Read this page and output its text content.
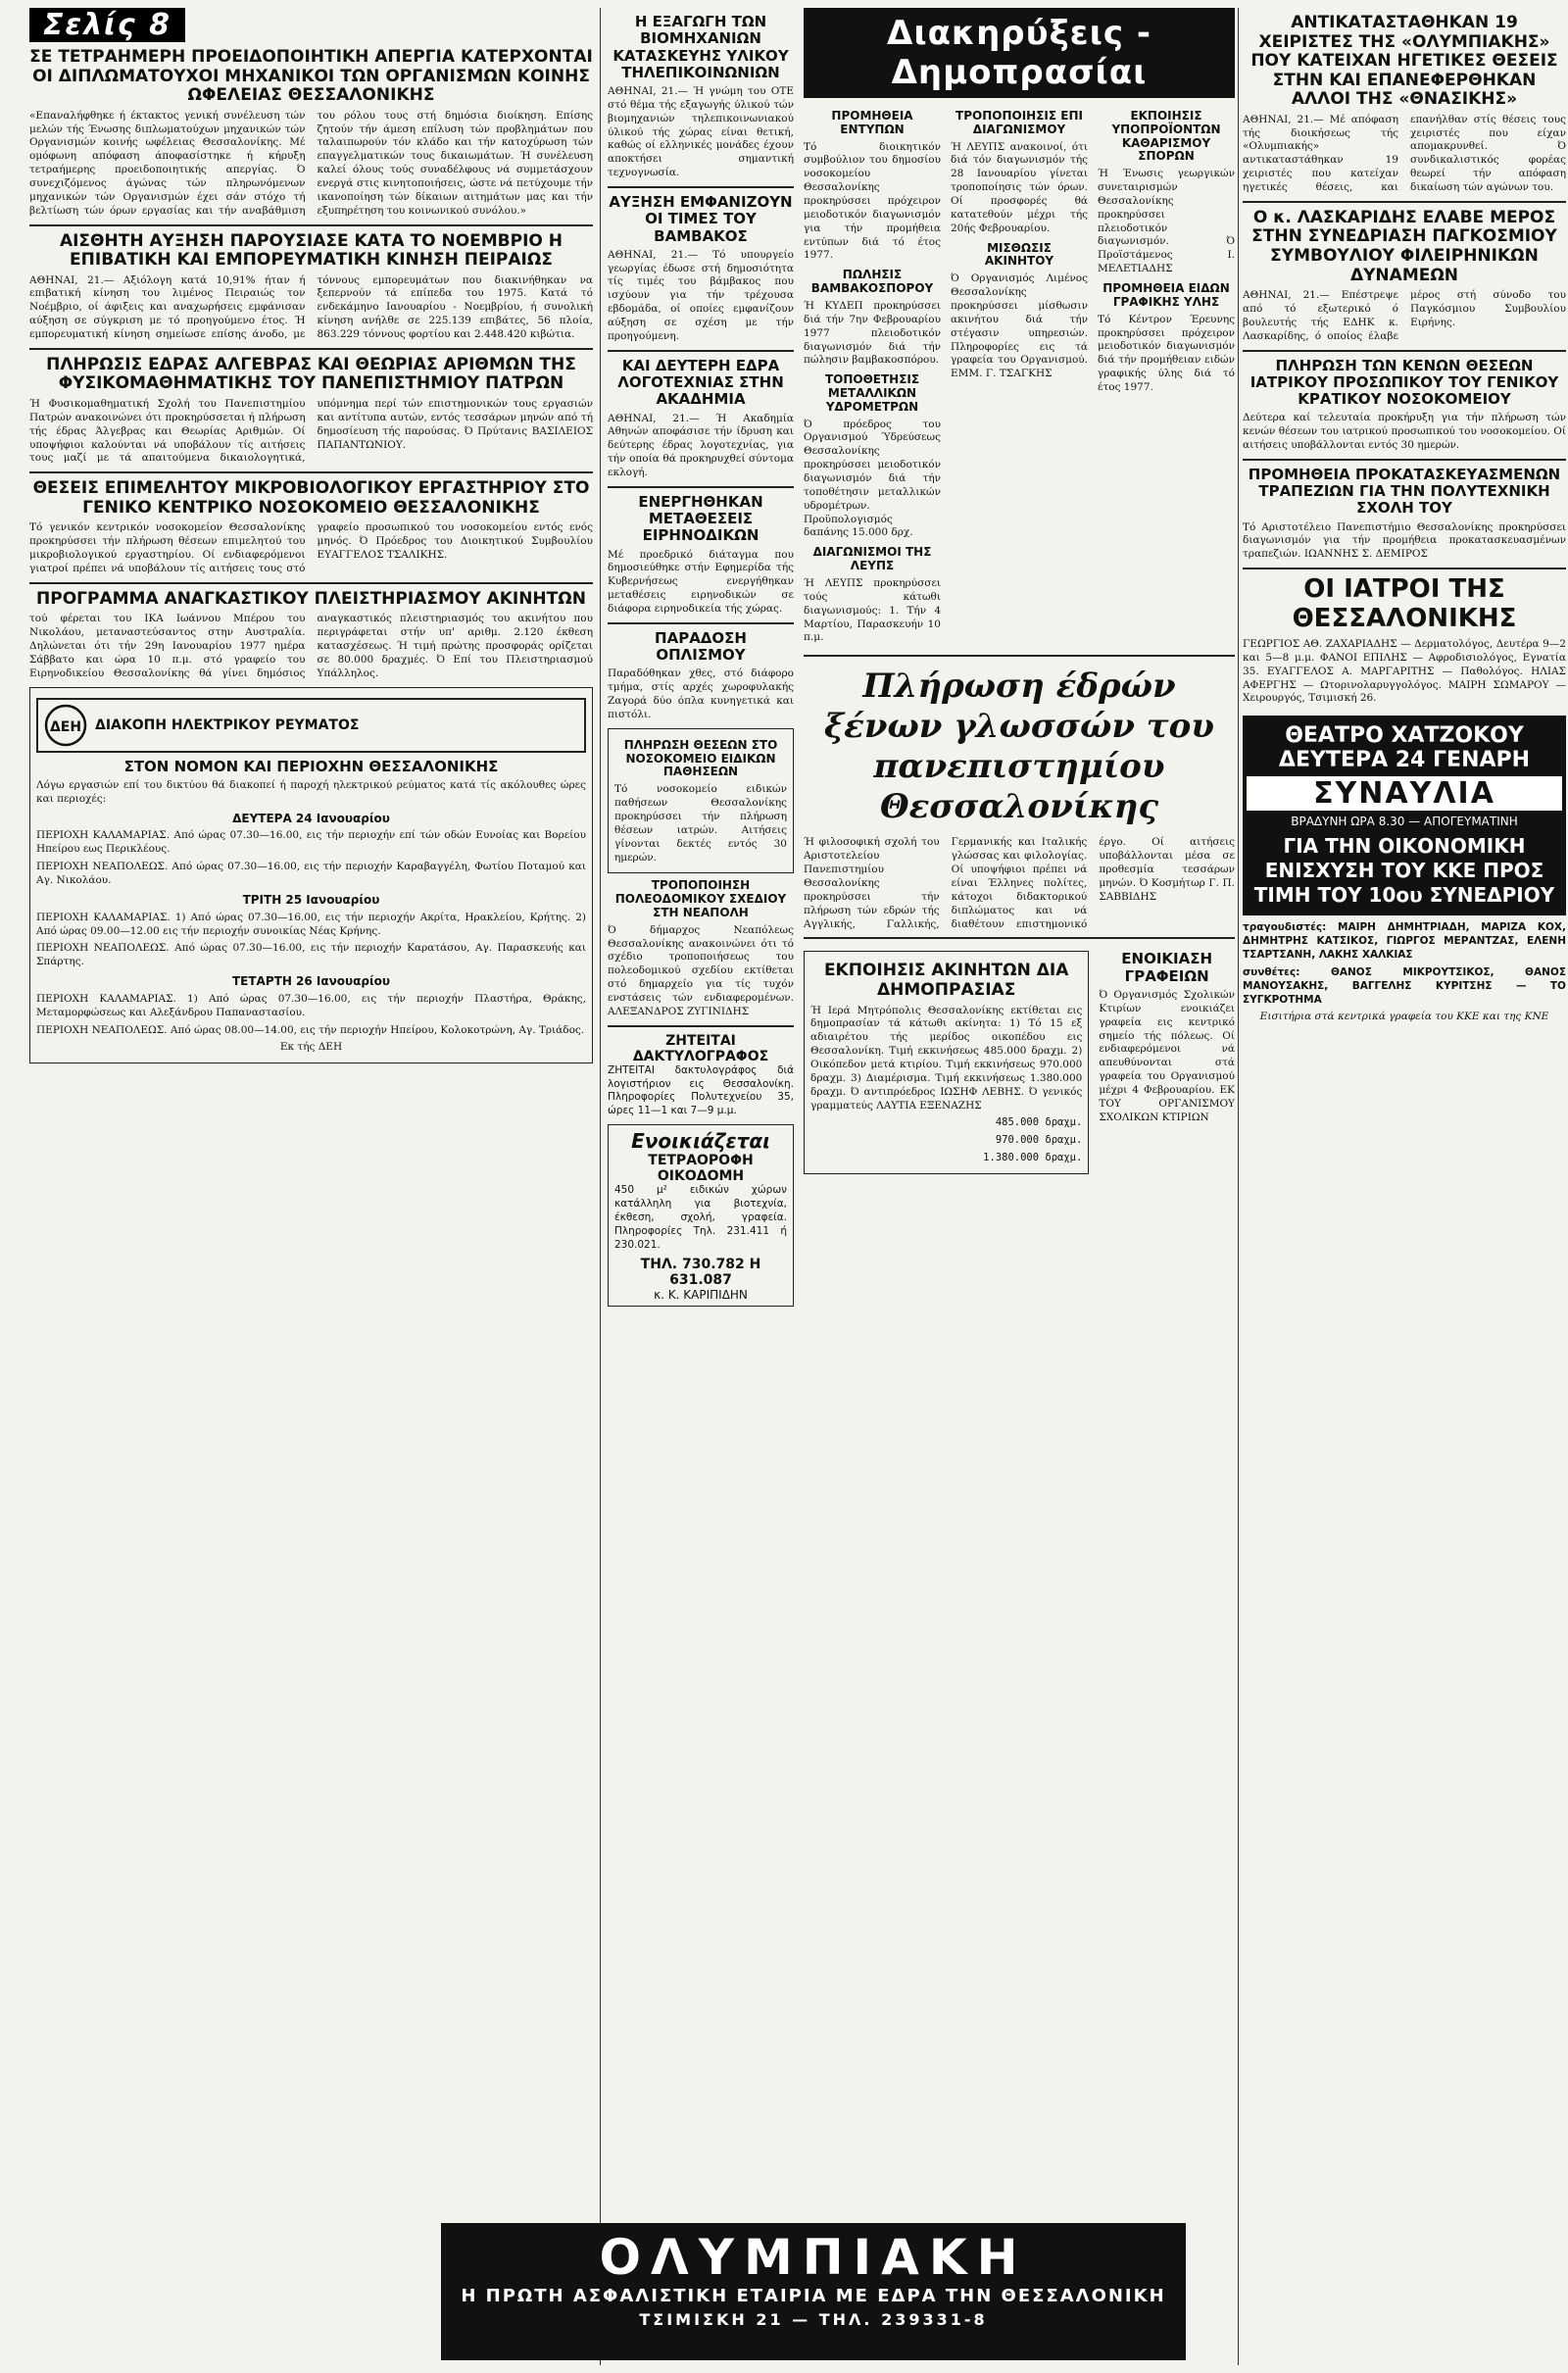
Σελίς 8
ΣΕ ΤΕΤΡΑΗΜΕΡΗ ΠΡΟΕΙΔΟΠΟΙΗΤΙΚΗ ΑΠΕΡΓΙΑ ΚΑΤΕΡΧΟΝΤΑΙ ΟΙ ΔΙΠΛΩΜΑΤΟΥΧΟΙ ΜΗΧΑΝΙΚΟΙ ΤΩΝ ΟΡΓΑΝΙΣΜΩΝ ΚΟΙΝΗΣ ΩΦΕΛΕΙΑΣ ΘΕΣΣΑΛΟΝΙΚΗΣ
«Επαναλήφθηκε ή έκτακτος γενική συνέλευση τών μελών τής Ένωσης διπλωματούχων μηχανικών τών Οργανισμών κοινής ωφέλειας Θεσσαλονίκης. Μέ ομόφωνη απόφαση άποφασίστηκε ή κήρυξη τετραήμερης προειδοποιητικής απεργίας. Ό συνεχιζόμενος άγώνας τών πληρωνόμενων μηχανικών τών Οργανισμών έχει σάν στόχο τή βελτίωση τών όρων εργασίας και τήν αναβάθμιση του ρόλου τους στή δημόσια διοίκηση. Επίσης ζητούν τήν άμεση επίλυση τών προβλημάτων που ταλαιπωρούν τόν κλάδο και τήν κατοχύρωση τών επαγγελματικών τους δικαιωμάτων. Ή συνέλευση καλεί όλους τούς συναδέλφους νά συμμετάσχουν ενεργά στις κινητοποιήσεις, ώστε νά πετύχουμε τήν ικανοποίηση τών δίκαιων αιτημάτων μας και τήν εξυπηρέτηση του κοινωνικού συνόλου.»
ΑΙΣΘΗΤΗ ΑΥΞΗΣΗ ΠΑΡΟΥΣΙΑΣΕ ΚΑΤΑ ΤΟ ΝΟΕΜΒΡΙΟ Η ΕΠΙΒΑΤΙΚΗ ΚΑΙ ΕΜΠΟΡΕΥΜΑΤΙΚΗ ΚΙΝΗΣΗ ΠΕΙΡΑΙΩΣ
ΑΘΗΝΑΙ, 21.— Αξιόλογη κατά 10,91% ήταν ή επιβατική κίνηση του λιμένος Πειραιώς τον Νοέμβριο, οί άφιξεις και αναχωρήσεις εμφάνισαν αύξηση σε σύγκριση με τό προηγούμενο έτος. Ή εμπορευματική κίνηση σημείωσε επίσης άνοδο, με τόννους εμπορευμάτων που διακινήθηκαν να ξεπερνούν τά επίπεδα του 1975. Κατά τό ενδεκάμηνο Ιανουαρίου - Νοεμβρίου, ή συνολική κίνηση ανήλθε σε 225.139 επιβάτες, 56 πλοία, 863.229 τόννους φορτίου και 2.448.420 κιβώτια.
ΠΛΗΡΩΣΙΣ ΕΔΡΑΣ ΑΛΓΕΒΡΑΣ ΚΑΙ ΘΕΩΡΙΑΣ ΑΡΙΘΜΩΝ ΤΗΣ ΦΥΣΙΚΟΜΑΘΗΜΑΤΙΚΗΣ ΤΟΥ ΠΑΝΕΠΙΣΤΗΜΙΟΥ ΠΑΤΡΩΝ
Ή Φυσικομαθηματική Σχολή του Πανεπιστημίου Πατρών ανακοινώνει ότι προκηρύσσεται ή πλήρωση τής έδρας Άλγεβρας και Θεωρίας Αριθμών. Οί υποψήφιοι καλούνται νά υποβάλουν τίς αιτήσεις τους μαζί με τά απαιτούμενα δικαιολογητικά, υπόμνημα περί τών επιστημονικών τους εργασιών και αντίτυπα αυτών, εντός τεσσάρων μηνών από τή δημοσίευση τής παρούσας. Ό Πρύτανις ΒΑΣΙΛΕΙΟΣ ΠΑΠΑΝΤΩΝΙΟΥ.
ΘΕΣΕΙΣ ΕΠΙΜΕΛΗΤΟΥ ΜΙΚΡΟΒΙΟΛΟΓΙΚΟΥ ΕΡΓΑΣΤΗΡΙΟΥ ΣΤΟ ΓΕΝΙΚΟ ΚΕΝΤΡΙΚΟ ΝΟΣΟΚΟΜΕΙΟ ΘΕΣΣΑΛΟΝΙΚΗΣ
Τό γενικόν κεντρικόν νοσοκομείον Θεσσαλονίκης προκηρύσσει τήν πλήρωση θέσεων επιμελητού του μικροβιολογικού εργαστηρίου. Οί ενδιαφερόμενοι γιατροί πρέπει νά υποβάλουν τίς αιτήσεις τους στό γραφείο προσωπικού του νοσοκομείου εντός ενός μηνός. Ό Πρόεδρος του Διοικητικού Συμβουλίου ΕΥΑΓΓΕΛΟΣ ΤΣΑΛΙΚΗΣ.
ΠΡΟΓΡΑΜΜΑ ΑΝΑΓΚΑΣΤΙΚΟΥ ΠΛΕΙΣΤΗΡΙΑΣΜΟΥ ΑΚΙΝΗΤΩΝ
τού φέρεται του ΙΚΑ Ιωάννου Μπέρου του Νικολάου, μεταναστεύσαντος στην Αυστραλία. Δηλώνεται ότι τήν 29η Ιανουαρίου 1977 ημέρα Σάββατο και ώρα 10 π.μ. στό γραφείο του Ειρηνοδικείου Θεσσαλονίκης θά γίνει δημόσιος αναγκαστικός πλειστηριασμός του ακινήτου που περιγράφεται στήν υπ' αριθμ. 2.120 έκθεση κατασχέσεως. Ή τιμή πρώτης προσφοράς ορίζεται σε 80.000 δραχμές. Ό Επί του Πλειστηριασμού Υπάλληλος.
ΔΕΗ ΔΙΑΚΟΠΗ ΗΛΕΚΤΡΙΚΟΥ ΡΕΥΜΑΤΟΣ
ΣΤΟΝ ΝΟΜΟΝ ΚΑΙ ΠΕΡΙΟΧΗΝ ΘΕΣΣΑΛΟΝΙΚΗΣ
Λόγω εργασιών επί του δικτύου θά διακοπεί ή παροχή ηλεκτρικού ρεύματος κατά τίς ακόλουθες ώρες και περιοχές:
ΔΕΥΤΕΡΑ 24 Ιανουαρίου
ΠΕΡΙΟΧΗ ΚΑΛΑΜΑΡΙΑΣ. Από ώρας 07.30—16.00, εις τήν περιοχήν επί τών οδών Ευνοίας και Βορείου Ηπείρου εως Περικλέους.
ΠΕΡΙΟΧΗ ΝΕΑΠΟΛΕΩΣ. Από ώρας 07.30—16.00, εις τήν περιοχήν Καραβαγγέλη, Φωτίου Ποταμού και Αγ. Νικολάου.
ΤΡΙΤΗ 25 Ιανουαρίου
ΠΕΡΙΟΧΗ ΚΑΛΑΜΑΡΙΑΣ. 1) Από ώρας 07.30—16.00, εις τήν περιοχήν Ακρίτα, Ηρακλείου, Κρήτης. 2) Από ώρας 09.00—12.00 εις τήν περιοχήν συνοικίας Νέας Κρήνης.
ΠΕΡΙΟΧΗ ΝΕΑΠΟΛΕΩΣ. Από ώρας 07.30—16.00, εις τήν περιοχήν Καρατάσου, Αγ. Παρασκευής και Σπάρτης.
ΤΕΤΑΡΤΗ 26 Ιανουαρίου
ΠΕΡΙΟΧΗ ΚΑΛΑΜΑΡΙΑΣ. 1) Από ώρας 07.30—16.00, εις τήν περιοχήν Πλαστήρα, Θράκης, Μεταμορφώσεως και Αλεξάνδρου Παπαναστασίου.
ΠΕΡΙΟΧΗ ΝΕΑΠΟΛΕΩΣ. Από ώρας 08.00—14.00, εις τήν περιοχήν Ηπείρου, Κολοκοτρώνη, Αγ. Τριάδος.
Εκ τής ΔΕΗ
Η ΕΞΑΓΩΓΗ ΤΩΝ ΒΙΟΜΗΧΑΝΙΩΝ ΚΑΤΑΣΚΕΥΗΣ ΥΛΙΚΟΥ ΤΗΛΕΠΙΚΟΙΝΩΝΙΩΝ
ΑΘΗΝΑΙ, 21.— Ή γνώμη του ΟΤΕ στό θέμα τής εξαγωγής ύλικού τών βιομηχανιών τηλεπικοινωνιακού ύλικού τής χώρας είναι θετική, καθώς οί ελληνικές μονάδες έχουν αποκτήσει σημαντική τεχνογνωσία.
ΑΥΞΗΣΗ ΕΜΦΑΝΙΖΟΥΝ ΟΙ ΤΙΜΕΣ ΤΟΥ ΒΑΜΒΑΚΟΣ
ΑΘΗΝΑΙ, 21.— Τό υπουργείο γεωργίας έδωσε στή δημοσιότητα τίς τιμές του βάμβακος που ισχύουν για τήν τρέχουσα εβδομάδα, οί οποίες εμφανίζουν αύξηση σε σχέση με τήν προηγούμενη.
ΚΑΙ ΔΕΥΤΕΡΗ ΕΔΡΑ ΛΟΓΟΤΕΧΝΙΑΣ ΣΤΗΝ ΑΚΑΔΗΜΙΑ
ΑΘΗΝΑΙ, 21.— Ή Ακαδημία Αθηνών αποφάσισε τήν ίδρυση και δεύτερης έδρας λογοτεχνίας, για τήν οποία θά προκηρυχθεί σύντομα εκλογή.
ΕΝΕΡΓΗΘΗΚΑΝ ΜΕΤΑΘΕΣΕΙΣ ΕΙΡΗΝΟΔΙΚΩΝ
Μέ προεδρικό διάταγμα που δημοσιεύθηκε στήν Εφημερίδα τής Κυβερνήσεως ενεργήθηκαν μεταθέσεις ειρηνοδικών σε διάφορα ειρηνοδικεία τής χώρας.
ΠΑΡΑΔΟΣΗ ΟΠΛΙΣΜΟΥ
Παραδόθηκαν χθες, στό διάφορο τμήμα, στίς αρχές χωροφυλακής Ζαγορά δύο όπλα κυνηγετικά και πιστόλι.
ΠΛΗΡΩΣΗ ΘΕΣΕΩΝ ΣΤΟ ΝΟΣΟΚΟΜΕΙΟ ΕΙΔΙΚΩΝ ΠΑΘΗΣΕΩΝ
Τό νοσοκομείο ειδικών παθήσεων Θεσσαλονίκης προκηρύσσει τήν πλήρωση θέσεων ιατρών. Αιτήσεις γίνονται δεκτές εντός 30 ημερών.
ΤΡΟΠΟΠΟΙΗΣΗ ΠΟΛΕΟΔΟΜΙΚΟΥ ΣΧΕΔΙΟΥ ΣΤΗ ΝΕΑΠΟΛΗ
Ό δήμαρχος Νεαπόλεως Θεσσαλονίκης ανακοινώνει ότι τό σχέδιο τροποποιήσεως του πολεοδομικού σχεδίου εκτίθεται στό δημαρχείο για τίς τυχόν ενστάσεις τών ενδιαφερομένων. ΑΛΕΞΑΝΔΡΟΣ ΖΥΓΙΝΙΔΗΣ
ΖΗΤΕΙΤΑΙ ΔΑΚΤΥΛΟΓΡΑΦΟΣ
ΖΗΤΕΙΤΑΙ δακτυλογράφος διά λογιστήριον εις Θεσσαλονίκη. Πληροφορίες Πολυτεχνείου 35, ώρες 11—1 και 7—9 μ.μ.
Ενοικιάζεται
ΤΕΤΡΑΟΡΟΦΗ ΟΙΚΟΔΟΜΗ
450 μ² ειδικών χώρων κατάλληλη για βιοτεχνία, έκθεση, σχολή, γραφεία. Πληροφορίες Τηλ. 231.411 ή 230.021.
ΤΗΛ. 730.782 Η 631.087
κ. Κ. ΚΑΡΙΠΙΔΗΝ
Διακηρύξεις - Δημοπρασίαι
ΠΡΟΜΗΘΕΙΑ ΕΝΤΥΠΩΝ
Τό διοικητικόν συμβούλιον του δημοσίου νοσοκομείου Θεσσαλονίκης προκηρύσσει πρόχειρον μειοδοτικόν διαγωνισμόν για τήν προμήθεια εντύπων διά τό έτος 1977.
ΠΩΛΗΣΙΣ ΒΑΜΒΑΚΟΣΠΟΡΟΥ
Ή ΚΥΔΕΠ προκηρύσσει διά τήν 7ην Φεβρουαρίου 1977 πλειοδοτικόν διαγωνισμόν διά τήν πώλησιν βαμβακοσπόρου.
ΤΟΠΟΘΕΤΗΣΙΣ ΜΕΤΑΛΛΙΚΩΝ ΥΔΡΟΜΕΤΡΩΝ
Ό πρόεδρος του Οργανισμού Ύδρεύσεως Θεσσαλονίκης προκηρύσσει μειοδοτικόν διαγωνισμόν διά τήν τοποθέτησιν μεταλλικών υδρομέτρων. Προϋπολογισμός δαπάνης 15.000 δρχ.
ΔΙΑΓΩΝΙΣΜΟΙ ΤΗΣ ΛΕΥΠΣ
Ή ΛΕΥΠΣ προκηρύσσει τούς κάτωθι διαγωνισμούς: 1. Τήν 4 Μαρτίου, Παρασκευήν 10 π.μ.
ΤΡΟΠΟΠΟΙΗΣΙΣ ΕΠΙ ΔΙΑΓΩΝΙΣΜΟΥ
Ή ΛΕΥΠΣ ανακοινοί, ότι διά τόν διαγωνισμόν τής 28 Ιανουαρίου γίνεται τροποποίησις τών όρων. Οί προσφορές θά κατατεθούν μέχρι τής 20ής Φεβρουαρίου.
ΜΙΣΘΩΣΙΣ ΑΚΙΝΗΤΟΥ
Ό Οργανισμός Λιμένος Θεσσαλονίκης προκηρύσσει μίσθωσιν ακινήτου διά τήν στέγασιν υπηρεσιών. Πληροφορίες εις τά γραφεία του Οργανισμού. ΕΜΜ. Γ. ΤΣΑΓΚΗΣ
ΕΚΠΟΙΗΣΙΣ ΥΠΟΠΡΟΪΟΝΤΩΝ ΚΑΘΑΡΙΣΜΟΥ ΣΠΟΡΩΝ
Ή Ένωσις γεωργικών συνεταιρισμών Θεσσαλονίκης προκηρύσσει πλειοδοτικόν διαγωνισμόν. Ό Προϊστάμενος Ι. ΜΕΛΕΤΙΑΔΗΣ
ΠΡΟΜΗΘΕΙΑ ΕΙΔΩΝ ΓΡΑΦΙΚΗΣ ΥΛΗΣ
Τό Κέντρον Έρευνης προκηρύσσει πρόχειρον μειοδοτικόν διαγωνισμόν διά τήν προμήθειαν ειδών γραφικής ύλης διά τό έτος 1977.
Πλήρωση έδρών ξένων γλωσσών του πανεπιστημίου Θεσσαλονίκης
Ή φιλοσοφική σχολή του Αριστοτελείου Πανεπιστημίου Θεσσαλονίκης προκηρύσσει τήν πλήρωση τών εδρών τής Αγγλικής, Γαλλικής, Γερμανικής και Ιταλικής γλώσσας και φιλολογίας. Οί υποψήφιοι πρέπει νά είναι Έλληνες πολίτες, κάτοχοι διδακτορικού διπλώματος και νά διαθέτουν επιστημονικό έργο. Οί αιτήσεις υποβάλλονται μέσα σε προθεσμία τεσσάρων μηνών. Ό Κοσμήτωρ Γ. Π. ΣΑΒΒΙΔΗΣ
ΕΚΠΟΙΗΣΙΣ ΑΚΙΝΗΤΩΝ ΔΙΑ ΔΗΜΟΠΡΑΣΙΑΣ
Ή Ιερά Μητρόπολις Θεσσαλονίκης εκτίθεται εις δημοπρασίαν τά κάτωθι ακίνητα: 1) Τό 15 εξ αδιαιρέτου τής μερίδος οικοπέδου εις Θεσσαλονίκη. Τιμή εκκινήσεως 485.000 δραχμ. 2) Οικόπεδον μετά κτιρίου. Τιμή εκκινήσεως 970.000 δραχμ. 3) Διαμέρισμα. Τιμή εκκινήσεως 1.380.000 δραχμ. Ό αντιπρόεδρος ΙΩΣΗΦ ΛΕΒΗΣ. Ό γενικός γραμματεύς ΛΑΥΤΙΑ ΕΞΕΝΑΖΗΣ
485.000 δραχμ.
970.000 δραχμ.
1.380.000 δραχμ.
ΕΝΟΙΚΙΑΣΗ ΓΡΑΦΕΙΩΝ
Ό Οργανισμός Σχολικών Κτιρίων ενοικιάζει γραφεία εις κεντρικό σημείο τής πόλεως. Οί ενδιαφερόμενοι νά απευθύνονται στά γραφεία του Οργανισμού μέχρι 4 Φεβρουαρίου. ΕΚ ΤΟΥ ΟΡΓΑΝΙΣΜΟΥ ΣΧΟΛΙΚΩΝ ΚΤΙΡΙΩΝ
ΑΝΤΙΚΑΤΑΣΤΑΘΗΚΑΝ 19 ΧΕΙΡΙΣΤΕΣ ΤΗΣ «ΟΛΥΜΠΙΑΚΗΣ» ΠΟΥ ΚΑΤΕΙΧΑΝ ΗΓΕΤΙΚΕΣ ΘΕΣΕΙΣ ΣΤΗΝ ΚΑΙ ΕΠΑΝΕΦΕΡΘΗΚΑΝ ΑΛΛΟΙ ΤΗΣ «ΘΝΑΣΙΚΗΣ»
ΑΘΗΝΑΙ, 21.— Μέ απόφαση τής διοικήσεως τής «Ολυμπιακής» αντικαταστάθηκαν 19 χειριστές που κατείχαν ηγετικές θέσεις, και επανήλθαν στίς θέσεις τους χειριστές που είχαν απομακρυνθεί. Ό συνδικαλιστικός φορέας θεωρεί τήν απόφαση δικαίωση τών αγώνων του.
Ο κ. ΛΑΣΚΑΡΙΔΗΣ ΕΛΑΒΕ ΜΕΡΟΣ ΣΤΗΝ ΣΥΝΕΔΡΙΑΣΗ ΠΑΓΚΟΣΜΙΟΥ ΣΥΜΒΟΥΛΙΟΥ ΦΙΛΕΙΡΗΝΙΚΩΝ ΔΥΝΑΜΕΩΝ
ΑΘΗΝΑΙ, 21.— Επέστρεψε από τό εξωτερικό ό βουλευτής τής ΕΔΗΚ κ. Λασκαρίδης, ό οποίος έλαβε μέρος στή σύνοδο του Παγκόσμιου Συμβουλίου Ειρήνης.
ΠΛΗΡΩΣΗ ΤΩΝ ΚΕΝΩΝ ΘΕΣΕΩΝ ΙΑΤΡΙΚΟΥ ΠΡΟΣΩΠΙΚΟΥ ΤΟΥ ΓΕΝΙΚΟΥ ΚΡΑΤΙΚΟΥ ΝΟΣΟΚΟΜΕΙΟΥ
Δεύτερα καί τελευταία προκήρυξη για τήν πλήρωση τών κενών θέσεων του ιατρικού προσωπικού του νοσοκομείου. Οί αιτήσεις υποβάλλονται εντός 30 ημερών.
ΠΡΟΜΗΘΕΙΑ ΠΡΟΚΑΤΑΣΚΕΥΑΣΜΕΝΩΝ ΤΡΑΠΕΖΙΩΝ ΓΙΑ ΤΗΝ ΠΟΛΥΤΕΧΝΙΚΗ ΣΧΟΛΗ ΤΟΥ
Τό Αριστοτέλειο Πανεπιστήμιο Θεσσαλονίκης προκηρύσσει διαγωνισμόν για τήν προμήθεια προκατασκευασμένων τραπεζιών. ΙΩΑΝΝΗΣ Σ. ΔΕΜΙΡΟΣ
ΟΙ ΙΑΤΡΟΙ ΤΗΣ ΘΕΣΣΑΛΟΝΙΚΗΣ
ΓΕΩΡΓΙΟΣ ΑΘ. ΖΑΧΑΡΙΑΔΗΣ — Δερματολόγος, Δευτέρα 9—2 και 5—8 μ.μ. ΦΑΝΟΙ ΕΠΙΛΗΣ — Αφροδισιολόγος, Εγνατία 35. ΕΥΑΓΓΕΛΟΣ Α. ΜΑΡΓΑΡΙΤΗΣ — Παθολόγος. ΗΛΙΑΣ ΑΦΕΡΓΗΣ — Ωτορινολαρυγγολόγος. ΜΑΙΡΗ ΣΩΜΑΡΟΥ — Χειρουργός, Τσιμισκή 26.
ΘΕΑΤΡΟ ΧΑΤΖΟΚΟΥ
ΔΕΥΤΕΡΑ 24 ΓΕΝΑΡΗ
ΣΥΝΑΥΛΙΑ
ΒΡΑΔΥΝΗ ΩΡΑ 8.30 — ΑΠΟΓΕΥΜΑΤΙΝΗ
ΓΙΑ ΤΗΝ ΟΙΚΟΝΟΜΙΚΗ ΕΝΙΣΧΥΣΗ ΤΟΥ ΚΚΕ ΠΡΟΣ ΤΙΜΗ ΤΟΥ 10ου ΣΥΝΕΔΡΙΟΥ
τραγουδιστές: ΜΑΙΡΗ ΔΗΜΗΤΡΙΑΔΗ, ΜΑΡΙΖΑ ΚΟΧ, ΔΗΜΗΤΡΗΣ ΚΑΤΣΙΚΟΣ, ΓΙΩΡΓΟΣ ΜΕΡΑΝΤΖΑΣ, ΕΛΕΝΗ ΤΣΑΡΤΣΑΝΗ, ΛΑΚΗΣ ΧΑΛΚΙΑΣ
συνθέτες: ΘΑΝΟΣ ΜΙΚΡΟΥΤΣΙΚΟΣ, ΘΑΝΟΣ ΜΑΝΟΥΣΑΚΗΣ, ΒΑΓΓΕΛΗΣ ΚΥΡΙΤΣΗΣ — ΤΟ ΣΥΓΚΡΟΤΗΜΑ
Εισιτήρια στά κεντρικά γραφεία του ΚΚΕ και της ΚΝΕ
ΟΛΥΜΠΙΑΚΗ
Η ΠΡΩΤΗ ΑΣΦΑΛΙΣΤΙΚΗ ΕΤΑΙΡΙΑ ΜΕ ΕΔΡΑ ΤΗΝ ΘΕΣΣΑΛΟΝΙΚΗ
ΤΣΙΜΙΣΚΗ 21 — ΤΗΛ. 239331-8
